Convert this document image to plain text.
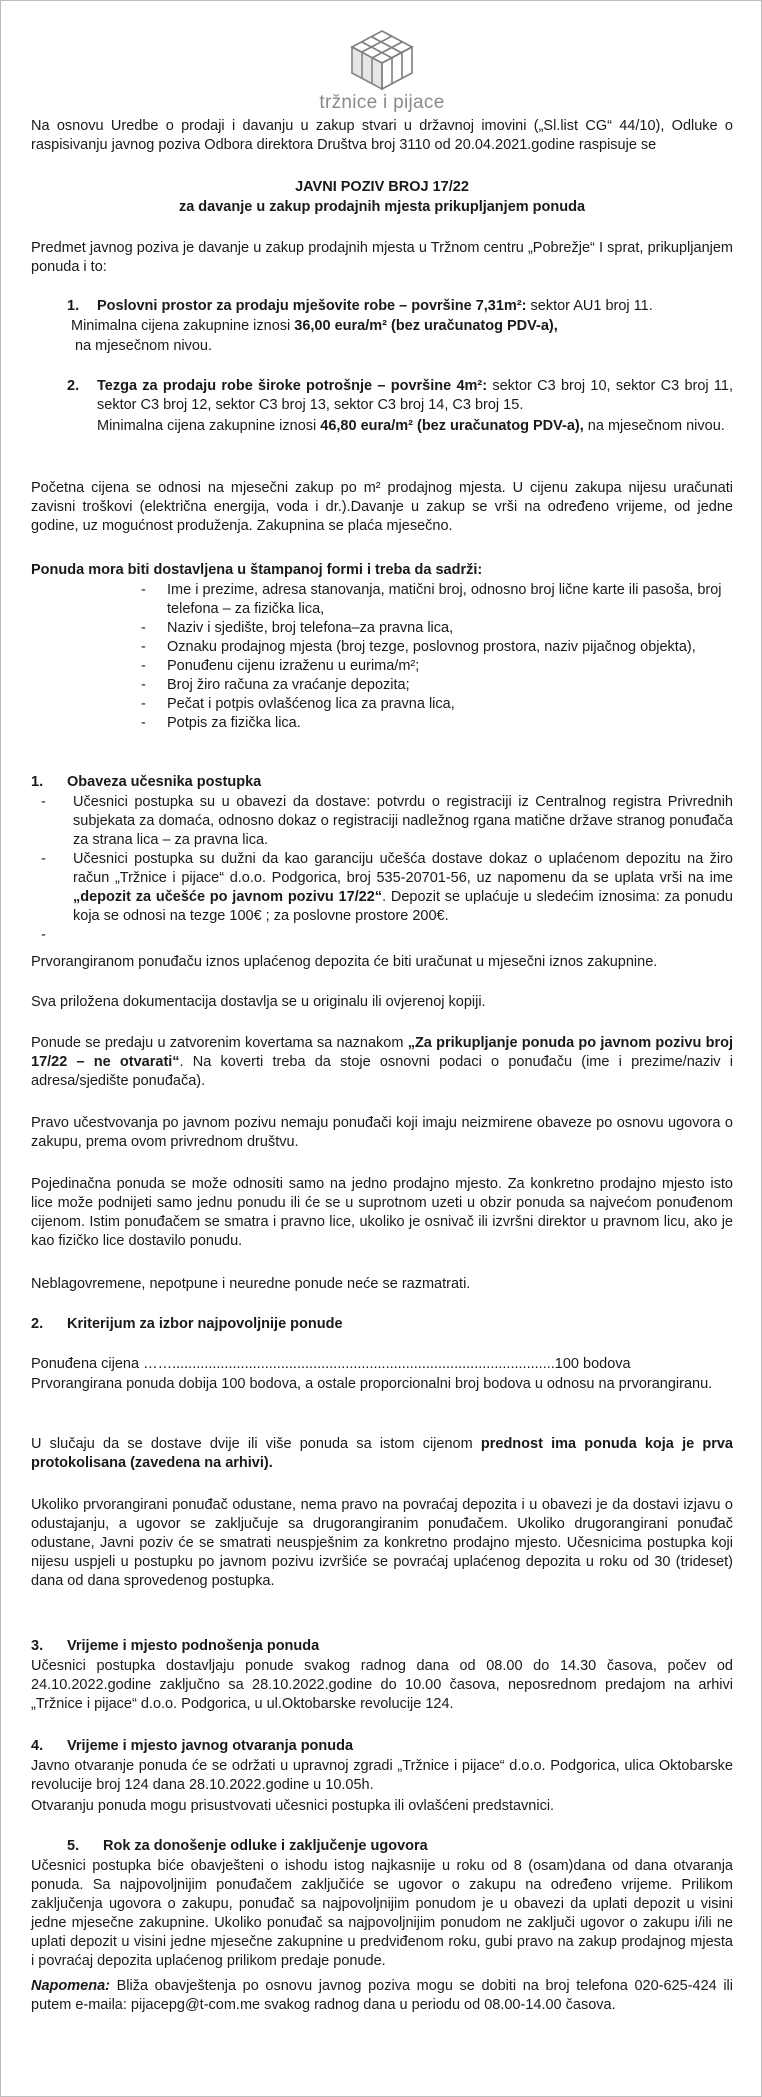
tržnice i pijace

Na osnovu Uredbe o prodaji i davanju u zakup stvari u državnoj imovini („Sl.list CG“ 44/10), Odluke o raspisivanju javnog poziva Odbora direktora Društva broj 3110 od 20.04.2021.godine raspisuje se

JAVNI POZIV BROJ 17/22

za davanje u zakup prodajnih mjesta prikupljanjem ponuda

Predmet javnog poziva je davanje u zakup prodajnih mjesta u Tržnom centru „Pobrežje“ I sprat, prikupljanjem ponuda i to:

1. Poslovni prostor za prodaju mješovite robe – površine 7,31m²: sektor AU1 broj 11.

Minimalna cijena zakupnine iznosi 36,00 eura/m² (bez uračunatog PDV-a),

na mjesečnom nivou.

2. Tezga za prodaju robe široke potrošnje – površine 4m²: sektor C3 broj 10, sektor C3 broj 11, sektor C3 broj 12, sektor C3 broj 13, sektor C3 broj 14, C3 broj 15.

Minimalna cijena zakupnine iznosi 46,80 eura/m² (bez uračunatog PDV-a), na mjesečnom nivou.

Početna cijena se odnosi na mjesečni zakup po m² prodajnog mjesta. U cijenu zakupa nijesu uračunati zavisni troškovi (električna energija, voda i dr.).Davanje u zakup se vrši na određeno vrijeme, od jedne godine, uz mogućnost produženja. Zakupnina se plaća mjesečno.

Ponuda mora biti dostavljena u štampanoj formi i treba da sadrži:

- Ime i prezime, adresa stanovanja, matični broj, odnosno broj lične karte ili pasoša, broj telefona – za fizička lica,
- Naziv i sjedište, broj telefona–za pravna lica,
- Oznaku prodajnog mjesta (broj tezge, poslovnog prostora, naziv pijačnog objekta),
- Ponuđenu cijenu izraženu u eurima/m²;
- Broj žiro računa za vraćanje depozita;
- Pečat i potpis ovlašćenog lica za pravna lica,
- Potpis za fizička lica.
1. Obaveza učesnika postupka
- Učesnici postupka su u obavezi da dostave: potvrdu o registraciji iz Centralnog registra Privrednih subjekata za domaća, odnosno dokaz o registraciji nadležnog rgana matične države stranog ponuđača za strana lica – za pravna lica.
- Učesnici postupka su dužni da kao garanciju učešća dostave dokaz o uplaćenom depozitu na žiro račun „Tržnice i pijace“ d.o.o. Podgorica, broj 535-20701-56, uz napomenu da se uplata vrši na ime „depozit za učešće po javnom pozivu 17/22“. Depozit se uplaćuje u sledećim iznosima: za ponudu koja se odnosi na tezge 100€ ; za poslovne prostore 200€.
-

Prvorangiranom ponuđaču iznos uplaćenog depozita će biti uračunat u mjesečni iznos zakupnine.

Sva priložena dokumentacija dostavlja se u originalu ili ovjerenoj kopiji.

Ponude se predaju u zatvorenim kovertama sa naznakom „Za prikupljanje ponuda po javnom pozivu broj 17/22 – ne otvarati“. Na koverti treba da stoje osnovni podaci o ponuđaču (ime i prezime/naziv i adresa/sjedište ponuđača).

Pravo učestvovanja po javnom pozivu nemaju ponuđači koji imaju neizmirene obaveze po osnovu ugovora o zakupu, prema ovom privrednom društvu.

Pojedinačna ponuda se može odnositi samo na jedno prodajno mjesto. Za konkretno prodajno mjesto isto lice može podnijeti samo jednu ponudu ili će se u suprotnom uzeti u obzir ponuda sa najvećom ponuđenom cijenom. Istim ponuđačem se smatra i pravno lice, ukoliko je osnivač ili izvršni direktor u pravnom licu, ako je kao fizičko lice dostavilo ponudu.

Neblagovremene, nepotpune i neuredne ponude neće se razmatrati.

2. Kriterijum za izbor najpovoljnije ponude

Ponuđena cijena ……...............................................................................................100 bodova

Prvorangirana ponuda dobija 100 bodova, a ostale proporcionalni broj bodova u odnosu na prvorangiranu.

U slučaju da se dostave dvije ili više ponuda sa istom cijenom prednost ima ponuda koja je prva protokolisana (zavedena na arhivi).

Ukoliko prvorangirani ponuđač odustane, nema pravo na povraćaj depozita i u obavezi je da dostavi izjavu o odustajanju, a ugovor se zaključuje sa drugorangiranim ponuđačem. Ukoliko drugorangirani ponuđač odustane, Javni poziv će se smatrati neuspješnim za konkretno prodajno mjesto. Učesnicima postupka koji nijesu uspjeli u postupku po javnom pozivu izvršiće se povraćaj uplaćenog depozita u roku od 30 (trideset) dana od dana sprovedenog postupka.

3. Vrijeme i mjesto podnošenja ponuda

Učesnici postupka dostavljaju ponude svakog radnog dana od 08.00 do 14.30 časova, počev od 24.10.2022.godine zaključno sa 28.10.2022.godine do 10.00 časova, neposrednom predajom na arhivi „Tržnice i pijace“ d.o.o. Podgorica, u ul.Oktobarske revolucije 124.

4. Vrijeme i mjesto javnog otvaranja ponuda

Javno otvaranje ponuda će se održati u upravnoj zgradi „Tržnice i pijace“ d.o.o. Podgorica, ulica Oktobarske revolucije broj 124 dana 28.10.2022.godine u 10.05h.

Otvaranju ponuda mogu prisustvovati učesnici postupka ili ovlašćeni predstavnici.

5. Rok za donošenje odluke i zaključenje ugovora

Učesnici postupka biće obavješteni o ishodu istog najkasnije u roku od 8 (osam)dana od dana otvaranja ponuda. Sa najpovoljnijim ponuđačem zaključiće se ugovor o zakupu na određeno vrijeme. Prilikom zaključenja ugovora o zakupu, ponuđač sa najpovoljnijim ponudom je u obavezi da uplati depozit u visini jedne mjesečne zakupnine. Ukoliko ponuđač sa najpovoljnijim ponudom ne zaključi ugovor o zakupu i/ili ne uplati depozit u visini jedne mjesečne zakupnine u predviđenom roku, gubi pravo na zakup prodajnog mjesta i povraćaj depozita uplaćenog prilikom predaje ponude.

Napomena: Bliža obavještenja po osnovu javnog poziva mogu se dobiti na broj telefona 020-625-424 ili putem e-maila: pijacepg@t-com.me svakog radnog dana u periodu od 08.00-14.00 časova.
